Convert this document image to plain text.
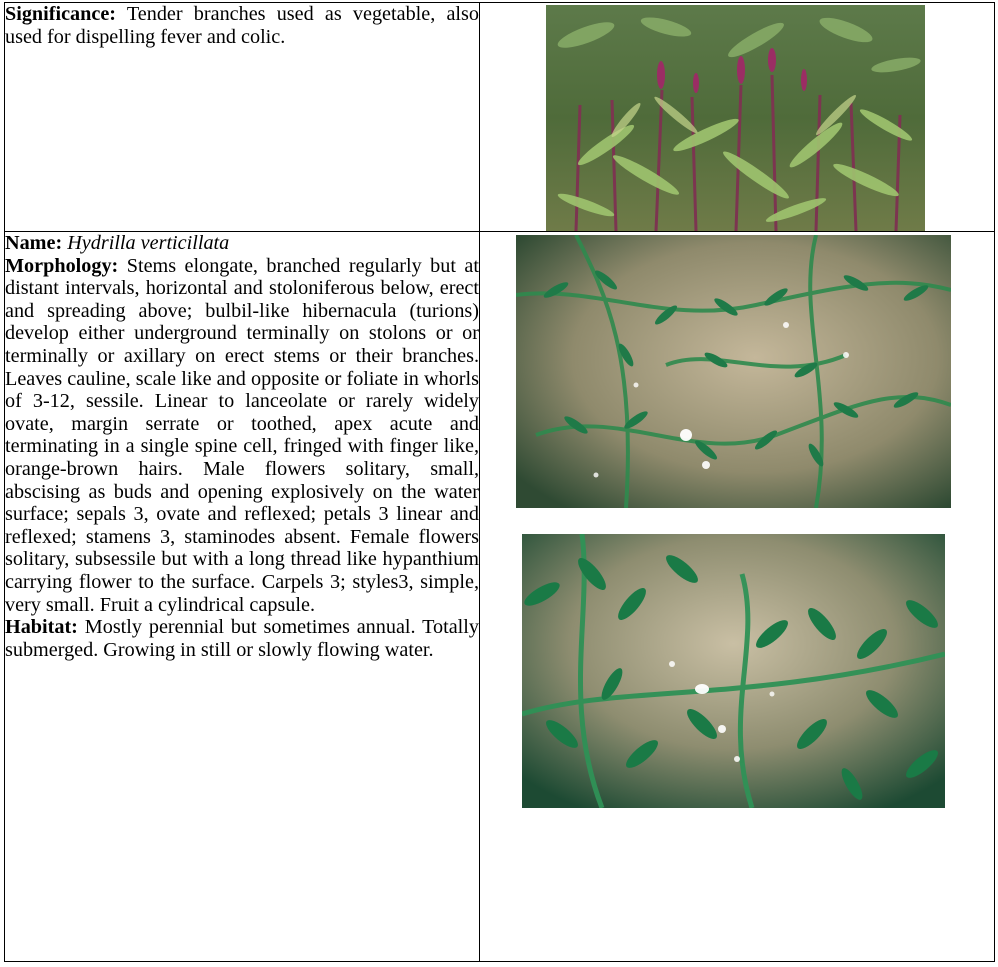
Significance: Tender branches used as vegetable, also used for dispelling fever and colic.

Name: Hydrilla verticillata

Morphology: Stems elongate, branched regularly but at distant intervals, horizontal and stoloniferous below, erect and spreading above; bulbil-like hibernacula (turions) develop either underground terminally on stolons or or terminally or axillary on erect stems or their branches. Leaves cauline, scale like and opposite or foliate in whorls of 3-12, sessile. Linear to lanceolate or rarely widely ovate, margin serrate or toothed, apex acute and terminating in a single spine cell, fringed with finger like, orange-brown hairs. Male flowers solitary, small, abscising as buds and opening explosively on the water surface; sepals 3, ovate and reflexed; petals 3 linear and reflexed; stamens 3, staminodes absent. Female flowers solitary, subsessile but with a long thread like hypanthium carrying flower to the surface. Carpels 3; styles3, simple, very small. Fruit a cylindrical capsule.

Habitat: Mostly perennial but sometimes annual. Totally submerged. Growing in still or slowly flowing water.
